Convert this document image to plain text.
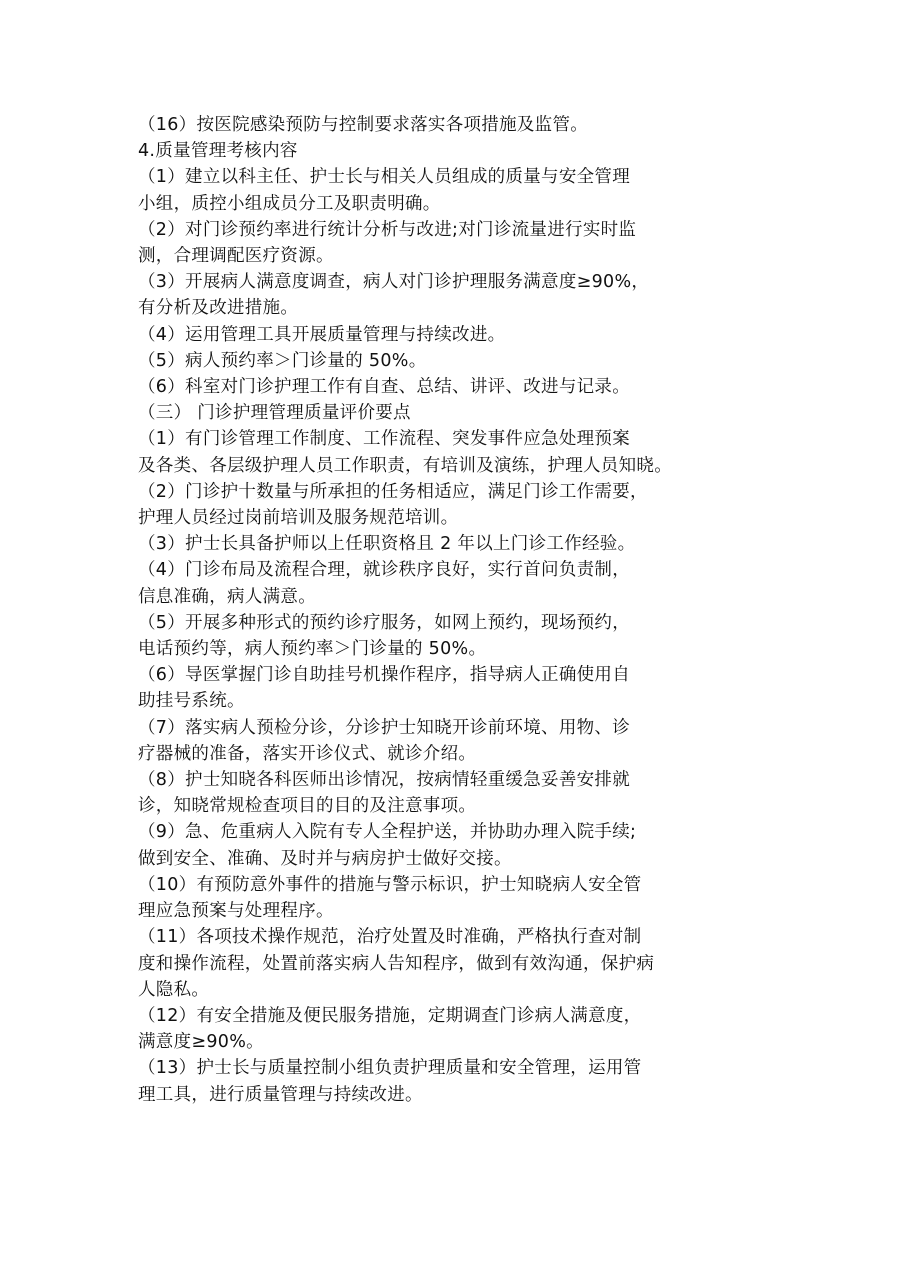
（16）按医院感染预防与控制要求落实各项措施及监管。
4.质量管理考核内容
（1）建立以科主任、护士长与相关人员组成的质量与安全管理
小组，质控小组成员分工及职责明确。
（2）对门诊预约率进行统计分析与改进;对门诊流量进行实时监
测，合理调配医疗资源。
（3）开展病人满意度调查，病人对门诊护理服务满意度≥90%，
有分析及改进措施。
（4）运用管理工具开展质量管理与持续改进。
（5）病人预约率＞门诊量的 50%。
（6）科室对门诊护理工作有自查、总结、讲评、改进与记录。
（三） 门诊护理管理质量评价要点
（1）有门诊管理工作制度、工作流程、突发事件应急处理预案
及各类、各层级护理人员工作职责，有培训及演练，护理人员知晓。
（2）门诊护十数量与所承担的任务相适应，满足门诊工作需要，
护理人员经过岗前培训及服务规范培训。
（3）护士长具备护师以上任职资格且 2 年以上门诊工作经验。
（4）门诊布局及流程合理，就诊秩序良好，实行首问负责制，
信息准确，病人满意。
（5）开展多种形式的预约诊疗服务，如网上预约，现场预约，
电话预约等，病人预约率＞门诊量的 50%。
（6）导医掌握门诊自助挂号机操作程序，指导病人正确使用自
助挂号系统。
（7）落实病人预检分诊，分诊护士知晓开诊前环境、用物、诊
疗器械的准备，落实开诊仪式、就诊介绍。
（8）护士知晓各科医师出诊情况，按病情轻重缓急妥善安排就
诊，知晓常规检查项目的目的及注意事项。
（9）急、危重病人入院有专人全程护送，并协助办理入院手续;
做到安全、准确、及时并与病房护士做好交接。
（10）有预防意外事件的措施与警示标识，护士知晓病人安全管
理应急预案与处理程序。
（11）各项技术操作规范，治疗处置及时准确，严格执行查对制
度和操作流程，处置前落实病人告知程序，做到有效沟通，保护病
人隐私。
（12）有安全措施及便民服务措施，定期调查门诊病人满意度，
满意度≥90%。
（13）护士长与质量控制小组负责护理质量和安全管理，运用管
理工具，进行质量管理与持续改进。
